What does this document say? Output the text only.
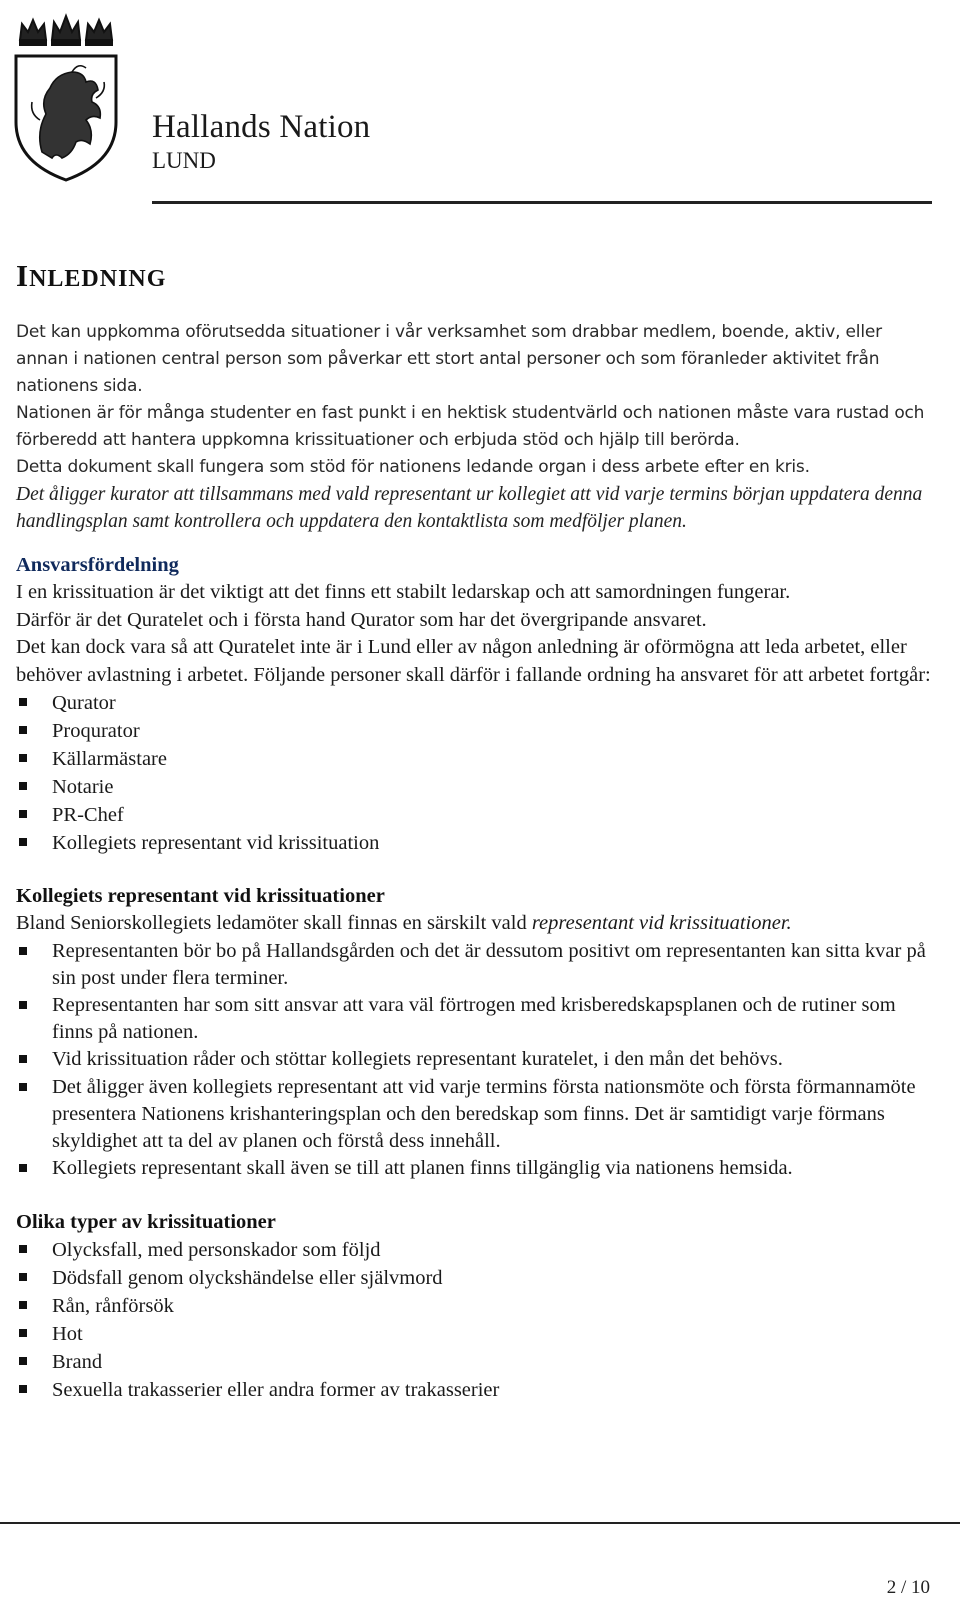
Hallands Nation
LUND
INLEDNING

Det kan uppkomma oförutsedda situationer i vår verksamhet som drabbar medlem, boende, aktiv, eller annan i nationen central person som påverkar ett stort antal personer och som föranleder aktivitet från nationens sida.

Nationen är för många studenter en fast punkt i en hektisk studentvärld och nationen måste vara rustad och förberedd att hantera uppkomna krissituationer och erbjuda stöd och hjälp till berörda.

Detta dokument skall fungera som stöd för nationens ledande organ i dess arbete efter en kris.

Det åligger kurator att tillsammans med vald representant ur kollegiet att vid varje termins början uppdatera denna handlingsplan samt kontrollera och uppdatera den kontaktlista som medföljer planen.

Ansvarsfördelning

I en krissituation är det viktigt att det finns ett stabilt ledarskap och att samordningen fungerar.

Därför är det Quratelet och i första hand Qurator som har det övergripande ansvaret.

Det kan dock vara så att Quratelet inte är i Lund eller av någon anledning är oförmögna att leda arbetet, eller behöver avlastning i arbetet. Följande personer skall därför i fallande ordning ha ansvaret för att arbetet fortgår:

Qurator
Proqurator
Källarmästare
Notarie
PR-Chef
Kollegiets representant vid krissituation
Kollegiets representant vid krissituationer

Bland Seniorskollegiets ledamöter skall finnas en särskilt vald representant vid krissituationer.

Representanten bör bo på Hallandsgården och det är dessutom positivt om representanten kan sitta kvar på sin post under flera terminer.
Representanten har som sitt ansvar att vara väl förtrogen med krisberedskapsplanen och de rutiner som finns på nationen.
Vid krissituation råder och stöttar kollegiets representant kuratelet, i den mån det behövs.
Det åligger även kollegiets representant att vid varje termins första nationsmöte och första förmannamöte presentera Nationens krishanteringsplan och den beredskap som finns. Det är samtidigt varje förmans skyldighet att ta del av planen och förstå dess innehåll.
Kollegiets representant skall även se till att planen finns tillgänglig via nationens hemsida.
Olika typer av krissituationer
Olycksfall, med personskador som följd
Dödsfall genom olyckshändelse eller självmord
Rån, rånförsök
Hot
Brand
Sexuella trakasserier eller andra former av trakasserier
2 / 10
